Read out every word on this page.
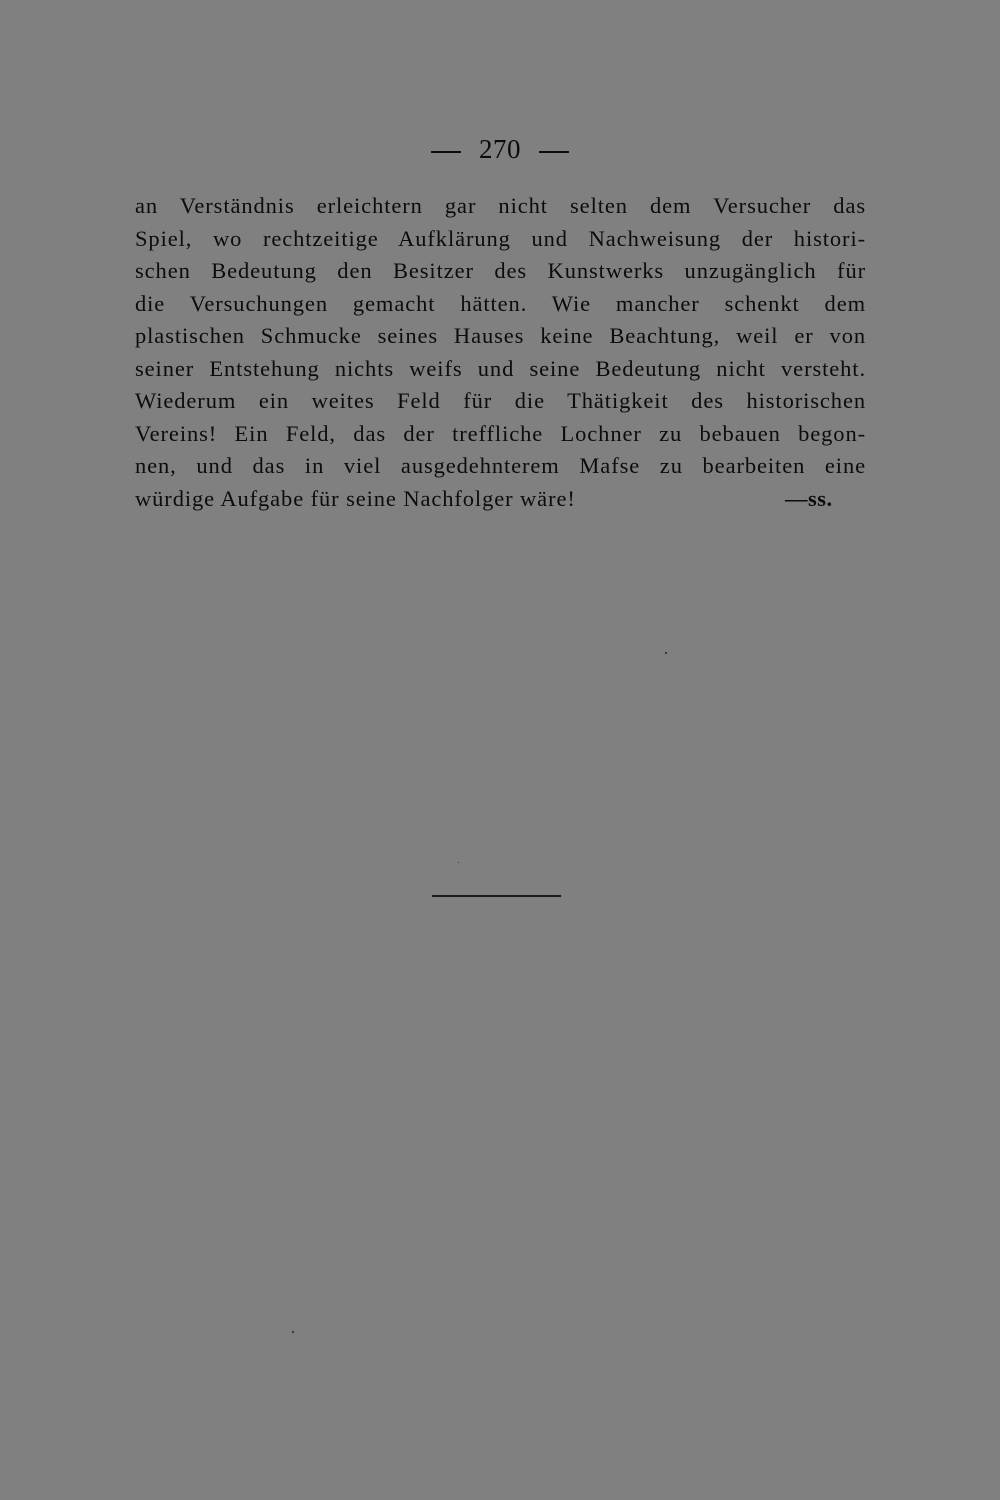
270
an Verständnis erleichtern gar nicht selten dem Versucher das
Spiel, wo rechtzeitige Aufklärung und Nachweisung der histori-
schen Bedeutung den Besitzer des Kunstwerks unzugänglich für
die Versuchungen gemacht hätten. Wie mancher schenkt dem
plastischen Schmucke seines Hauses keine Beachtung, weil er von
seiner Entstehung nichts weifs und seine Bedeutung nicht versteht.
Wiederum ein weites Feld für die Thätigkeit des historischen
Vereins! Ein Feld, das der treffliche Lochner zu bebauen begon-
nen, und das in viel ausgedehnterem Mafse zu bearbeiten eine
würdige Aufgabe für seine Nachfolger wäre!	—ss.
